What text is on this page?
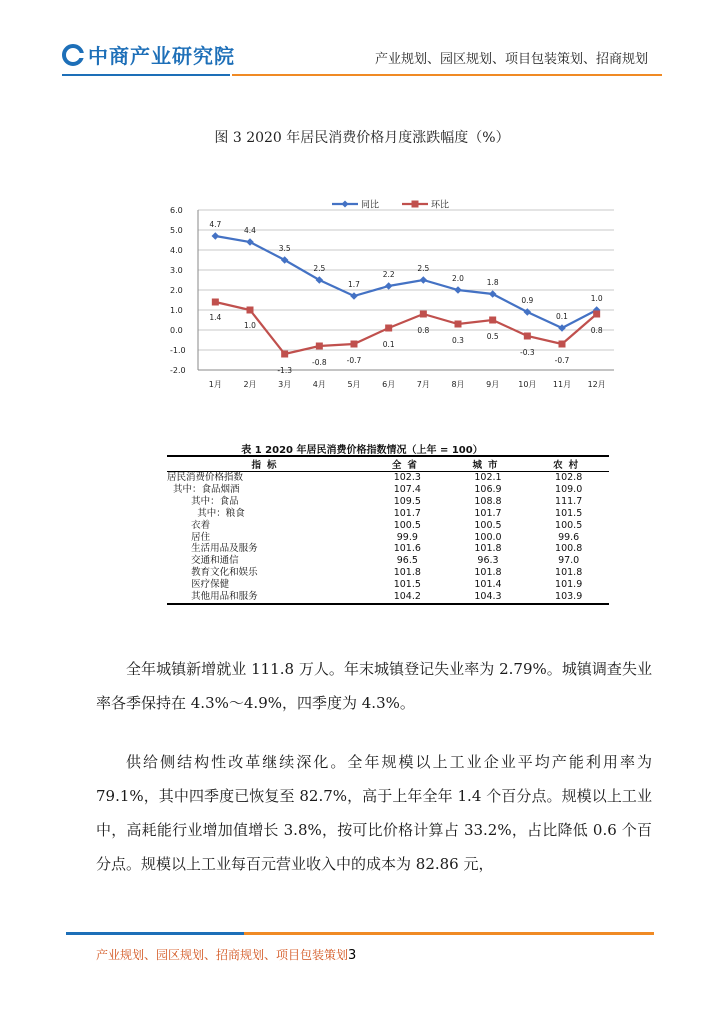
中商产业研究院	产业规划、园区规划、项目包装策划、招商规划
图 3 2020 年居民消费价格月度涨跌幅度（%）
6.0
5.0
4.0
3.0
2.0
1.0
0.0
-1.0
-2.0
1月	2月	3月	4月	5月	6月	7月	8月	9月 10月 11月 12月
4.7
4.4
3.5
2.5
1.7
2.2
2.5
2.0	1.8
0.9
0.1
1.0
1.4
1.0
-1.3
-0.8	-0.7
0.1
0.8
0.3	0.5
-0.3
-0.7
0.8
同比	环比
表 1 2020 年居民消费价格指数情况（上年 = 100）
指标	全省	城市	农村
居民消费价格指数	102.3	102.1	102.8
其中：食品烟酒	107.4	106.9	109.0
其中：食品	109.5	108.8	111.7
其中：粮食	101.7	101.7	101.5
衣着	100.5	100.5	100.5
居住	99.9	100.0	99.6
生活用品及服务	101.6	101.8	100.8
交通和通信	96.5	96.3	97.0
教育文化和娱乐	101.8	101.8	101.8
医疗保健	101.5	101.4	101.9
其他用品和服务	104.2	104.3	103.9

全年城镇新增就业 111.8 万人。年末城镇登记失业率为 2.79%。城镇调查失业率各季保持在 4.3%～4.9%，四季度为 4.3%。

供给侧结构性改革继续深化。全年规模以上工业企业平均产能利用率为 79.1%，其中四季度已恢复至 82.7%，高于上年全年 1.4 个百分点。规模以上工业中，高耗能行业增加值增长 3.8%，按可比价格计算占 33.2%，占比降低 0.6 个百分点。规模以上工业每百元营业收入中的成本为 82.86 元，

产业规划、园区规划、招商规划、项目包装策划3
